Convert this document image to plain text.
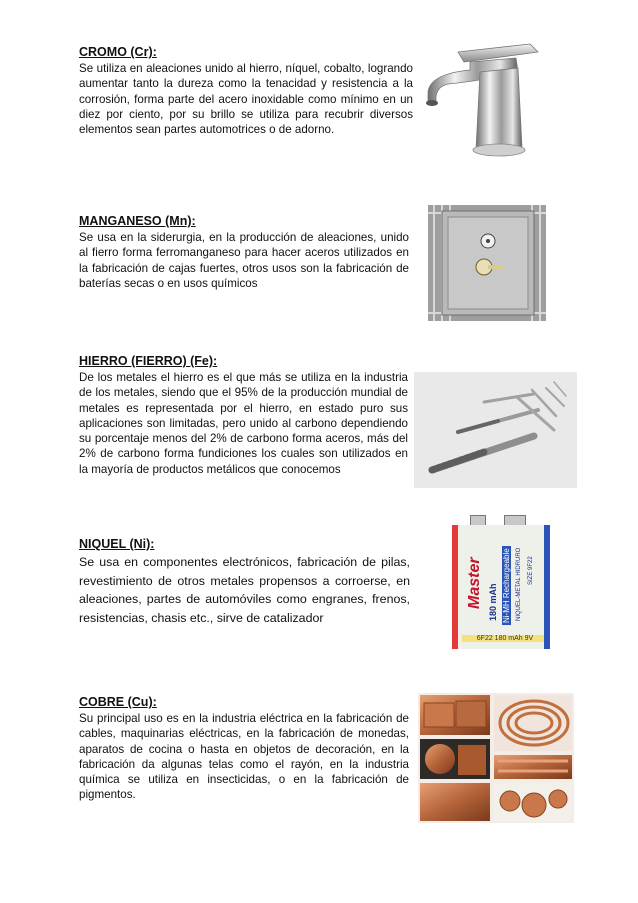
CROMO (Cr):

Se utiliza en aleaciones unido al hierro, níquel, cobalto, logrando aumentar tanto la dureza como la tenacidad y resistencia a la corrosión, forma parte del acero inoxidable como mínimo en un diez por ciento, por su brillo se utiliza para recubrir diversos elementos sean partes automotrices o de adorno.

MANGANESO (Mn):

Se usa en la siderurgia, en la producción de aleaciones, unido al fierro forma ferromanganeso para hacer aceros utilizados en la fabricación de cajas fuertes, otros usos son la fabricación de baterías secas o en usos químicos

HIERRO (FIERRO) (Fe):

De los metales el hierro es el que más se utiliza en la industria de los metales, siendo que el 95% de la producción mundial de metales es representada por el hierro, en estado puro sus aplicaciones son limitadas, pero unido al carbono dependiendo su porcentaje menos del 2% de carbono forma aceros, más del 2% de carbono forma fundiciones los cuales son utilizados en la mayoría de productos metálicos que conocemos

NIQUEL (Ni):

Se usa en componentes electrónicos, fabricación de pilas, revestimiento de otros metales propensos a corroerse, en aleaciones, partes de automóviles como engranes, frenos, resistencias, chasis etc., sirve de catalizador

Master 180 mAh Ni-MH Rechargeable NIQUEL-METAL HIDRURO SIZE 9F22
6F22 180 mAh 9V
COBRE (Cu):

Su principal uso es en la industria eléctrica en la fabricación de cables, maquinarias eléctricas, en la fabricación de monedas, aparatos de cocina o hasta en objetos de decoración, en la fabricación da algunas telas como el rayón, en la industria química se utiliza en insecticidas, o en la fabricación de pigmentos.
